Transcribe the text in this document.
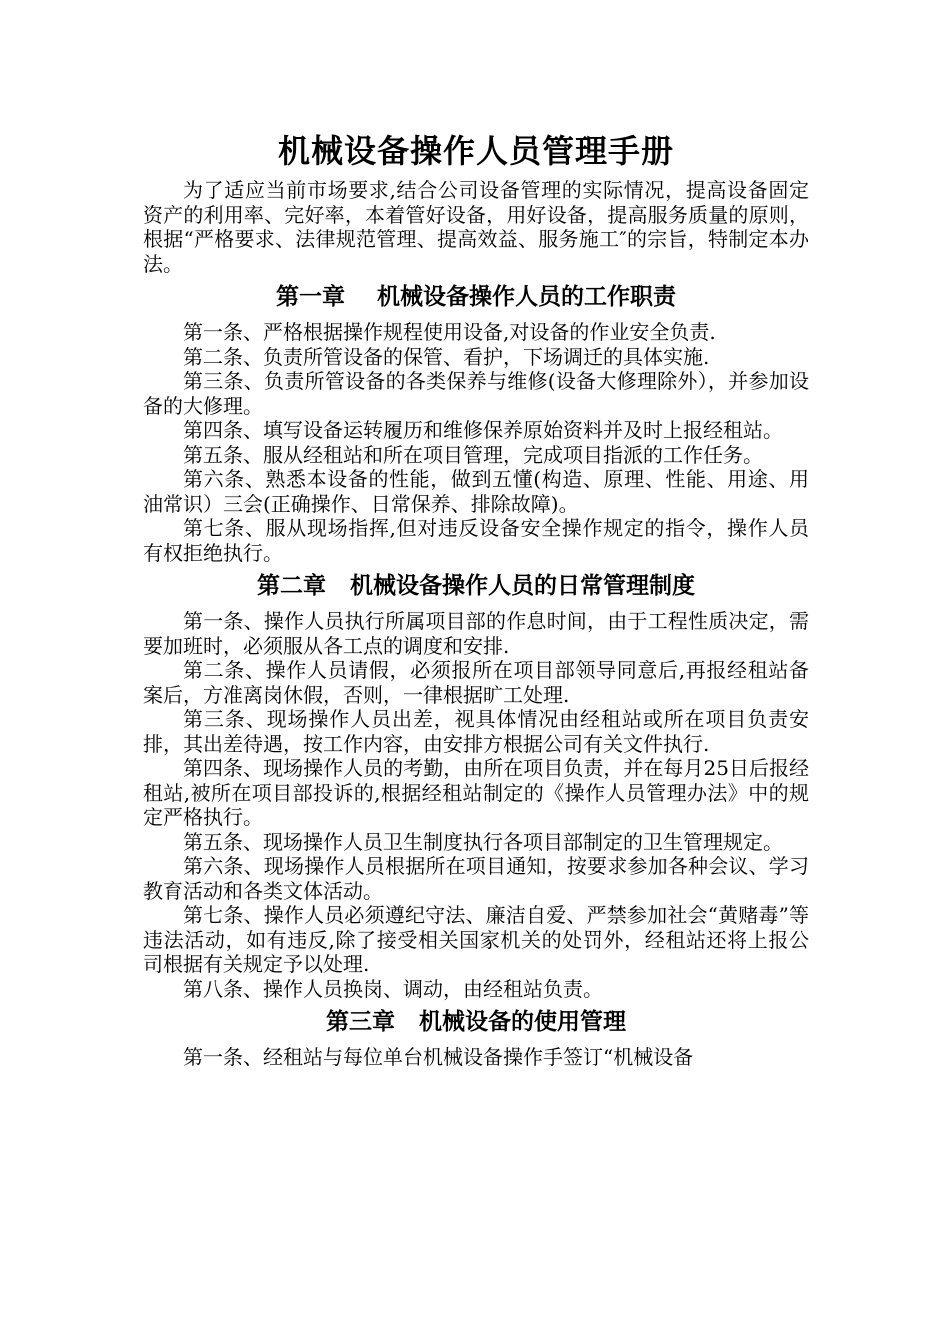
机械设备操作人员管理手册

为了适应当前市场要求,结合公司设备管理的实际情况，提高设备固定资产的利用率、完好率，本着管好设备，用好设备，提高服务质量的原则，根据“严格要求、法律规范管理、提高效益、服务施工″的宗旨，特制定本办法。

第一章    机械设备操作人员的工作职责

第一条、严格根据操作规程使用设备,对设备的作业安全负责.

第二条、负责所管设备的保管、看护，下场调迁的具体实施.

第三条、负责所管设备的各类保养与维修(设备大修理除外），并参加设备的大修理。

第四条、填写设备运转履历和维修保养原始资料并及时上报经租站。

第五条、服从经租站和所在项目管理，完成项目指派的工作任务。

第六条、熟悉本设备的性能，做到五懂(构造、原理、性能、用途、用油常识）三会(正确操作、日常保养、排除故障)。

第七条、服从现场指挥,但对违反设备安全操作规定的指令，操作人员有权拒绝执行。

第二章   机械设备操作人员的日常管理制度

第一条、操作人员执行所属项目部的作息时间，由于工程性质决定，需要加班时，必须服从各工点的调度和安排.

第二条、操作人员请假，必须报所在项目部领导同意后,再报经租站备案后，方准离岗休假，否则，一律根据旷工处理.

第三条、现场操作人员出差，视具体情况由经租站或所在项目负责安排，其出差待遇，按工作内容，由安排方根据公司有关文件执行.

第四条、现场操作人员的考勤，由所在项目负责，并在每月25日后报经租站,被所在项目部投诉的,根据经租站制定的《操作人员管理办法》中的规定严格执行。

第五条、现场操作人员卫生制度执行各项目部制定的卫生管理规定。

第六条、现场操作人员根据所在项目通知，按要求参加各种会议、学习教育活动和各类文体活动。

第七条、操作人员必须遵纪守法、廉洁自爱、严禁参加社会“黄赌毒”等违法活动，如有违反,除了接受相关国家机关的处罚外，经租站还将上报公司根据有关规定予以处理.

第八条、操作人员换岗、调动，由经租站负责。

第三章   机械设备的使用管理

第一条、经租站与每位单台机械设备操作手签订“机械设备
